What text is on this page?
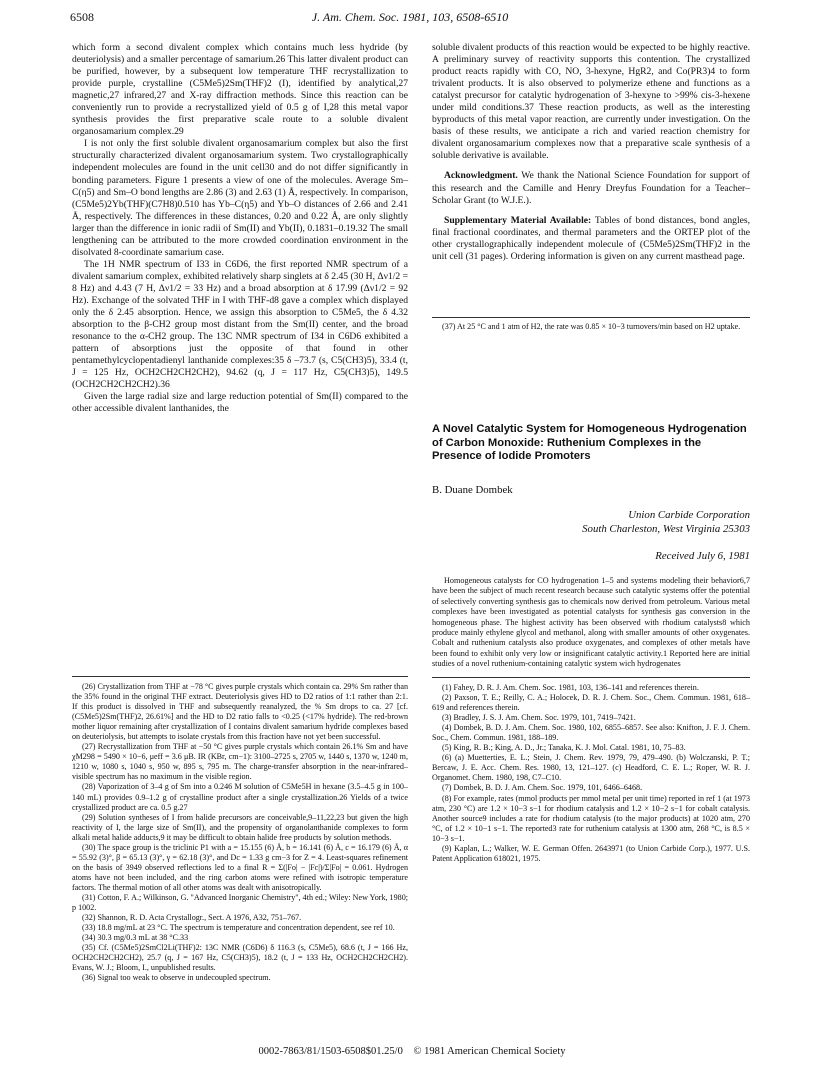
6508	J. Am. Chem. Soc. 1981, 103, 6508-6510

which form a second divalent complex which contains much less hydride (by deuteriolysis) and a smaller percentage of samarium.26 This latter divalent product can be purified, however, by a subsequent low temperature THF recrystallization to provide purple, crystalline (C5Me5)2Sm(THF)2 (I), identified by analytical,27 magnetic,27 infrared,27 and X-ray diffraction methods. Since this reaction can be conveniently run to provide a recrystallized yield of 0.5 g of I,28 this metal vapor synthesis provides the first preparative scale route to a soluble divalent organosamarium complex.29

I is not only the first soluble divalent organosamarium complex but also the first structurally characterized divalent organosamarium system. Two crystallographically independent molecules are found in the unit cell30 and do not differ significantly in bonding parameters. Figure 1 presents a view of one of the molecules. Average Sm–C(η5) and Sm–O bond lengths are 2.86 (3) and 2.63 (1) Å, respectively. In comparison, (C5Me5)2Yb(THF)(C7H8)0.510 has Yb–C(η5) and Yb–O distances of 2.66 and 2.41 Å, respectively. The differences in these distances, 0.20 and 0.22 Å, are only slightly larger than the difference in ionic radii of Sm(II) and Yb(II), 0.1831–0.19.32 The small lengthening can be attributed to the more crowded coordination environment in the disolvated 8-coordinate samarium case.

The 1H NMR spectrum of I33 in C6D6, the first reported NMR spectrum of a divalent samarium complex, exhibited relatively sharp singlets at δ 2.45 (30 H, Δν1/2 = 8 Hz) and 4.43 (7 H, Δν1/2 = 33 Hz) and a broad absorption at δ 17.99 (Δν1/2 = 92 Hz). Exchange of the solvated THF in I with THF-d8 gave a complex which displayed only the δ 2.45 absorption. Hence, we assign this absorption to C5Me5, the δ 4.32 absorption to the β-CH2 group most distant from the Sm(II) center, and the broad resonance to the α-CH2 group. The 13C NMR spectrum of I34 in C6D6 exhibited a pattern of absorptions just the opposite of that found in other pentamethylcyclopentadienyl lanthanide complexes:35 δ –73.7 (s, C5(CH3)5), 33.4 (t, J = 125 Hz, OCH2CH2CH2CH2), 94.62 (q, J = 117 Hz, C5(CH3)5), 149.5 (OCH2CH2CH2CH2).36

Given the large radial size and large reduction potential of Sm(II) compared to the other accessible divalent lanthanides, the

soluble divalent products of this reaction would be expected to be highly reactive. A preliminary survey of reactivity supports this contention. The crystallized product reacts rapidly with CO, NO, 3-hexyne, HgR2, and Co(PR3)4 to form trivalent products. It is also observed to polymerize ethene and functions as a catalyst precursor for catalytic hydrogenation of 3-hexyne to >99% cis-3-hexene under mild conditions.37 These reaction products, as well as the interesting byproducts of this metal vapor reaction, are currently under investigation. On the basis of these results, we anticipate a rich and varied reaction chemistry for divalent organosamarium complexes now that a preparative scale synthesis of a soluble derivative is available.

Acknowledgment. We thank the National Science Foundation for support of this research and the Camille and Henry Dreyfus Foundation for a Teacher–Scholar Grant (to W.J.E.).

Supplementary Material Available: Tables of bond distances, bond angles, final fractional coordinates, and thermal parameters and the ORTEP plot of the other crystallographically independent molecule of (C5Me5)2Sm(THF)2 in the unit cell (31 pages). Ordering information is given on any current masthead page.

(37) At 25 °C and 1 atm of H2, the rate was 0.85 × 10−3 turnovers/min based on H2 uptake.

A Novel Catalytic System for Homogeneous Hydrogenation of Carbon Monoxide: Ruthenium Complexes in the Presence of Iodide Promoters
B. Duane Dombek
Union Carbide Corporation
South Charleston, West Virginia 25303
Received July 6, 1981

Homogeneous catalysts for CO hydrogenation 1–5 and systems modeling their behavior6,7 have been the subject of much recent research because such catalytic systems offer the potential of selectively converting synthesis gas to chemicals now derived from petroleum. Various metal complexes have been investigated as potential catalysts for synthesis gas conversion in the homogeneous phase. The highest activity has been observed with rhodium catalysts8 which produce mainly ethylene glycol and methanol, along with smaller amounts of other oxygenates. Cobalt and ruthenium catalysts also produce oxygenates, and complexes of other metals have been found to exhibit only very low or insignificant catalytic activity.1 Reported here are initial studies of a novel ruthenium-containing catalytic system wich hydrogenates

(26) Crystallization from THF at −78 °C gives purple crystals which contain ca. 29% Sm rather than the 35% found in the original THF extract. Deuteriolysis gives HD to D2 ratios of 1:1 rather than 2:1. If this product is dissolved in THF and subsequently reanalyzed, the % Sm drops to ca. 27 [cf. (C5Me5)2Sm(THF)2, 26.61%] and the HD to D2 ratio falls to <0.25 (<17% hydride). The red-brown mother liquor remaining after crystallization of I contains divalent samarium hydride complexes based on deuteriolysis, but attempts to isolate crystals from this fraction have not yet been successful.

(27) Recrystallization from THF at −50 °C gives purple crystals which contain 26.1% Sm and have χM298 = 5490 × 10−6, μeff = 3.6 μB. IR (KBr, cm−1): 3100–2725 s, 2705 w, 1440 s, 1370 w, 1240 m, 1210 w, 1080 s, 1040 s, 950 w, 895 s, 795 m. The charge-transfer absorption in the near-infrared–visible spectrum has no maximum in the visible region.

(28) Vaporization of 3–4 g of Sm into a 0.246 M solution of C5Me5H in hexane (3.5–4.5 g in 100–140 mL) provides 0.9–1.2 g of crystalline product after a single crystallization.26 Yields of a twice crystallized product are ca. 0.5 g.27

(29) Solution syntheses of I from halide precursors are conceivable,9–11,22,23 but given the high reactivity of I, the large size of Sm(II), and the propensity of organolanthanide complexes to form alkali metal halide adducts,9 it may be difficult to obtain halide free products by solution methods.

(30) The space group is the triclinic P1 with a = 15.155 (6) Å, b = 16.141 (6) Å, c = 16.179 (6) Å, α = 55.92 (3)°, β = 65.13 (3)°, γ = 62.18 (3)°, and Dc = 1.33 g cm−3 for Z = 4. Least-squares refinement on the basis of 3949 observed reflections led to a final R = Σ(|Fo| − |Fc|)/Σ|Fo| = 0.061. Hydrogen atoms have not been included, and the ring carbon atoms were refined with isotropic temperature factors. The thermal motion of all other atoms was dealt with anisotropically.

(31) Cotton, F. A.; Wilkinson, G. "Advanced Inorganic Chemistry", 4th ed.; Wiley: New York, 1980; p 1002.

(32) Shannon, R. D. Acta Crystallogr., Sect. A 1976, A32, 751–767.

(33) 18.8 mg/mL at 23 °C. The spectrum is temperature and concentration dependent, see ref 10.

(34) 30.3 mg/0.3 mL at 38 °C.33

(35) Cf. (C5Me5)2SmCl2Li(THF)2: 13C NMR (C6D6) δ 116.3 (s, C5Me5), 68.6 (t, J = 166 Hz, OCH2CH2CH2CH2), 25.7 (q, J = 167 Hz, C5(CH3)5), 18.2 (t, J = 133 Hz, OCH2CH2CH2CH2). Evans, W. J.; Bloom, I., unpublished results.

(36) Signal too weak to observe in undecoupled spectrum.

(1) Fahey, D. R. J. Am. Chem. Soc. 1981, 103, 136–141 and references therein.

(2) Paxson, T. E.; Reilly, C. A.; Holocek, D. R. J. Chem. Soc., Chem. Commun. 1981, 618–619 and references therein.

(3) Bradley, J. S. J. Am. Chem. Soc. 1979, 101, 7419–7421.

(4) Dombek, B. D. J. Am. Chem. Soc. 1980, 102, 6855–6857. See also: Knifton, J. F. J. Chem. Soc., Chem. Commun. 1981, 188–189.

(5) King, R. B.; King, A. D., Jr.; Tanaka, K. J. Mol. Catal. 1981, 10, 75–83.

(6) (a) Muetterties, E. L.; Stein, J. Chem. Rev. 1979, 79, 479–490. (b) Wolczanski, P. T.; Bercaw, J. E. Acc. Chem. Res. 1980, 13, 121–127. (c) Headford, C. E. L.; Roper, W. R. J. Organomet. Chem. 1980, 198, C7–C10.

(7) Dombek, B. D. J. Am. Chem. Soc. 1979, 101, 6466–6468.

(8) For example, rates (mmol products per mmol metal per unit time) reported in ref 1 (at 1973 atm, 230 °C) are 1.2 × 10−3 s−1 for rhodium catalysis and 1.2 × 10−2 s−1 for cobalt catalysis. Another source9 includes a rate for rhodium catalysis (to the major products) at 1020 atm, 270 °C, of 1.2 × 10−1 s−1. The reported3 rate for ruthenium catalysis at 1300 atm, 268 °C, is 8.5 × 10−3 s−1.

(9) Kaplan, L.; Walker, W. E. German Offen. 2643971 (to Union Carbide Corp.), 1977. U.S. Patent Application 618021, 1975.

0002-7863/81/1503-6508$01.25/0 © 1981 American Chemical Society
